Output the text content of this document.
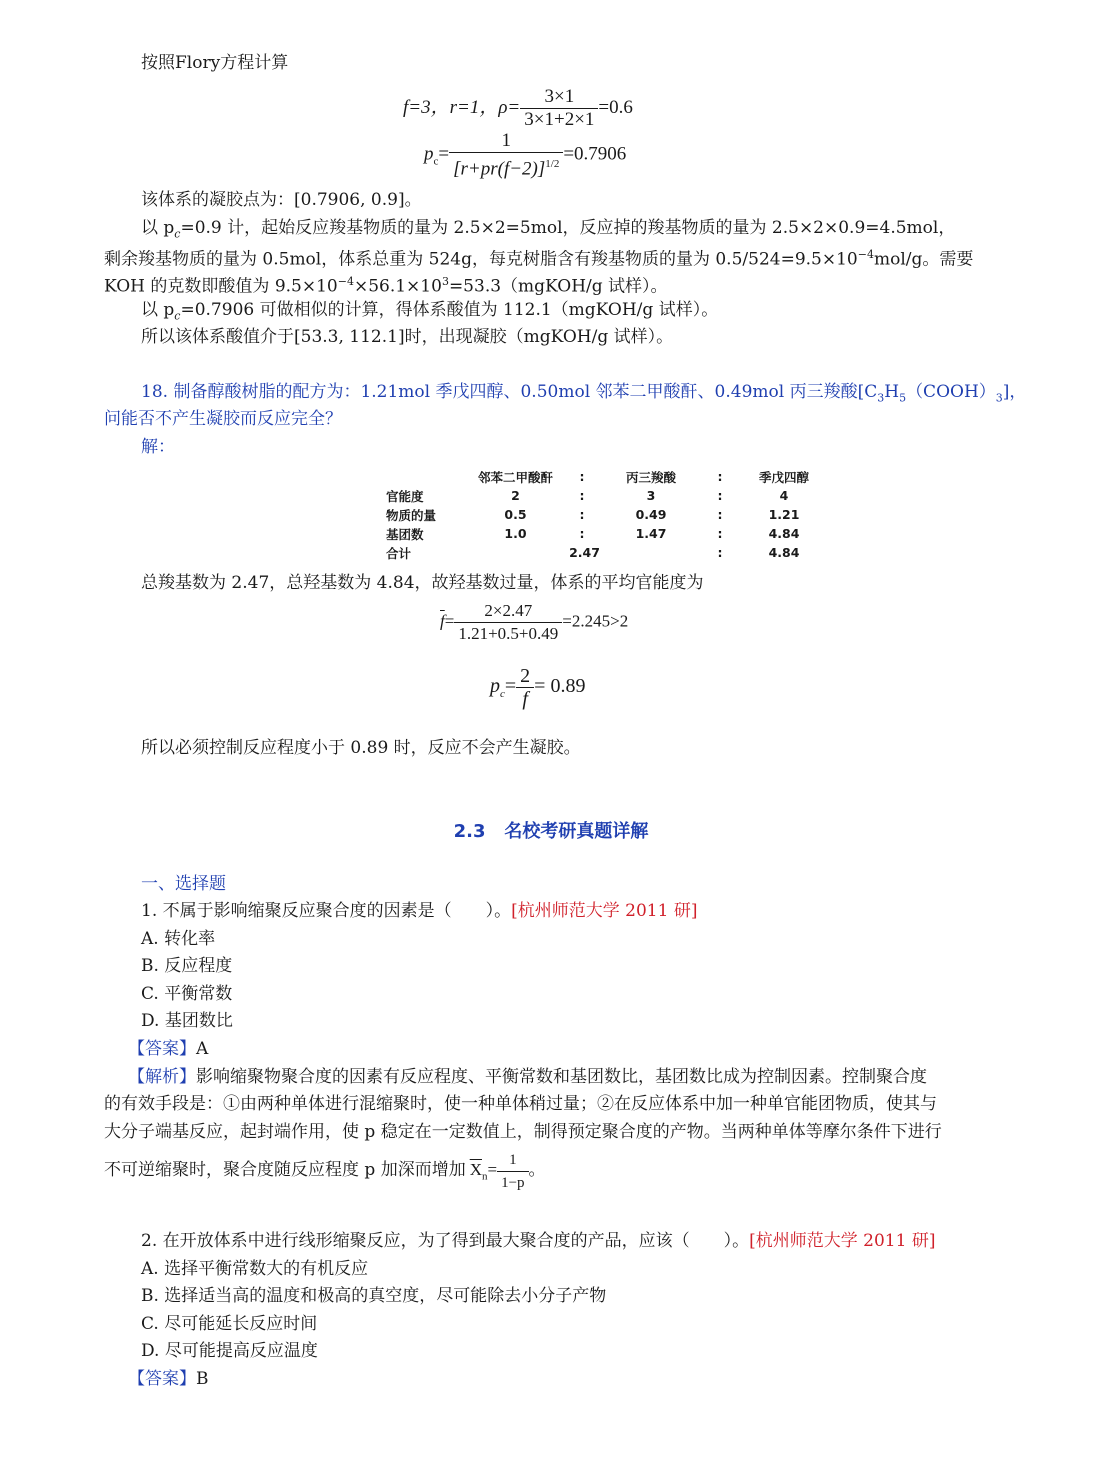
按照Flory方程计算
f=3，r=1，$\rho= \frac{3\times 1}{3\times 1+2\times 1} =0.6$
$p_c= \frac{1}{[r+pr(f-2)]^{1/2}} =0.7906$
该体系的凝胶点为：[0.7906, 0.9]。
以 $p_c=0.9$ 计，起始反应羧基物质的量为 2.5×2=5mol，反应掉的羧基物质的量为 2.5×2×0.9=4.5mol，
剩余羧基物质的量为 0.5mol，体系总重为 524g，每克树脂含有羧基物质的量为 $0.5/524=9.5\times 10^{-4}mol/g$。需要
KOH 的克数即酸值为 $9.5\times 10^{-4}\times 56.1\times 10^3=53.3(mgKOH/g$ 试样）。
以 $p_c=0.7906$ 可做相似的计算，得体系酸值为 112.1（mgKOH/g 试样）。
所以该体系酸值介于[53.3, 112.1]时，出现凝胶（mgKOH/g 试样）。
18. 制备醇酸树脂的配方为：1.21mol 季戊四醇、0.50mol 邻苯二甲酸酐、0.49mol 丙三羧酸$[C_3H_5(COOH)_3]$，
问能否不产生凝胶而反应完全？
解：
	邻苯二甲酸酐	:	丙三羧酸	:	季戊四醇
官能度	2	:	3	:	4
物质的量	0.5	:	0.49	:	1.21
基团数	1.0	:	1.47	:	4.84
合计	2.47			:	4.84
总羧基数为 2.47，总羟基数为 4.84，故羟基数过量，体系的平均官能度为
$\overline{f}= \frac{2\times 2.47}{1.21+0.5+0.49} =2.245>2$
$p_c= \frac{2}{f} = 0.89$
所以必须控制反应程度小于 0.89 时，反应不会产生凝胶。
2.3 名校考研真题详解
一、选择题
1. 不属于影响缩聚反应聚合度的因素是（　　）。[杭州师范大学 2011 研]
A. 转化率
B. 反应程度
C. 平衡常数
D. 基团数比
【答案】A
【解析】影响缩聚物聚合度的因素有反应程度、平衡常数和基团数比，基团数比成为控制因素。控制聚合度
的有效手段是：①由两种单体进行混缩聚时，使一种单体稍过量；②在反应体系中加一种单官能团物质，使其与
大分子端基反应，起封端作用，使 p 稳定在一定数值上，制得预定聚合度的产物。当两种单体等摩尔条件下进行
不可逆缩聚时，聚合度随反应程度 p 加深而增加 $\overline{X}_n= \frac{1}{1-p}$ 。
2. 在开放体系中进行线形缩聚反应，为了得到最大聚合度的产品，应该（　　）。[杭州师范大学 2011 研]
A. 选择平衡常数大的有机反应
B. 选择适当高的温度和极高的真空度，尽可能除去小分子产物
C. 尽可能延长反应时间
D. 尽可能提高反应温度
【答案】B
